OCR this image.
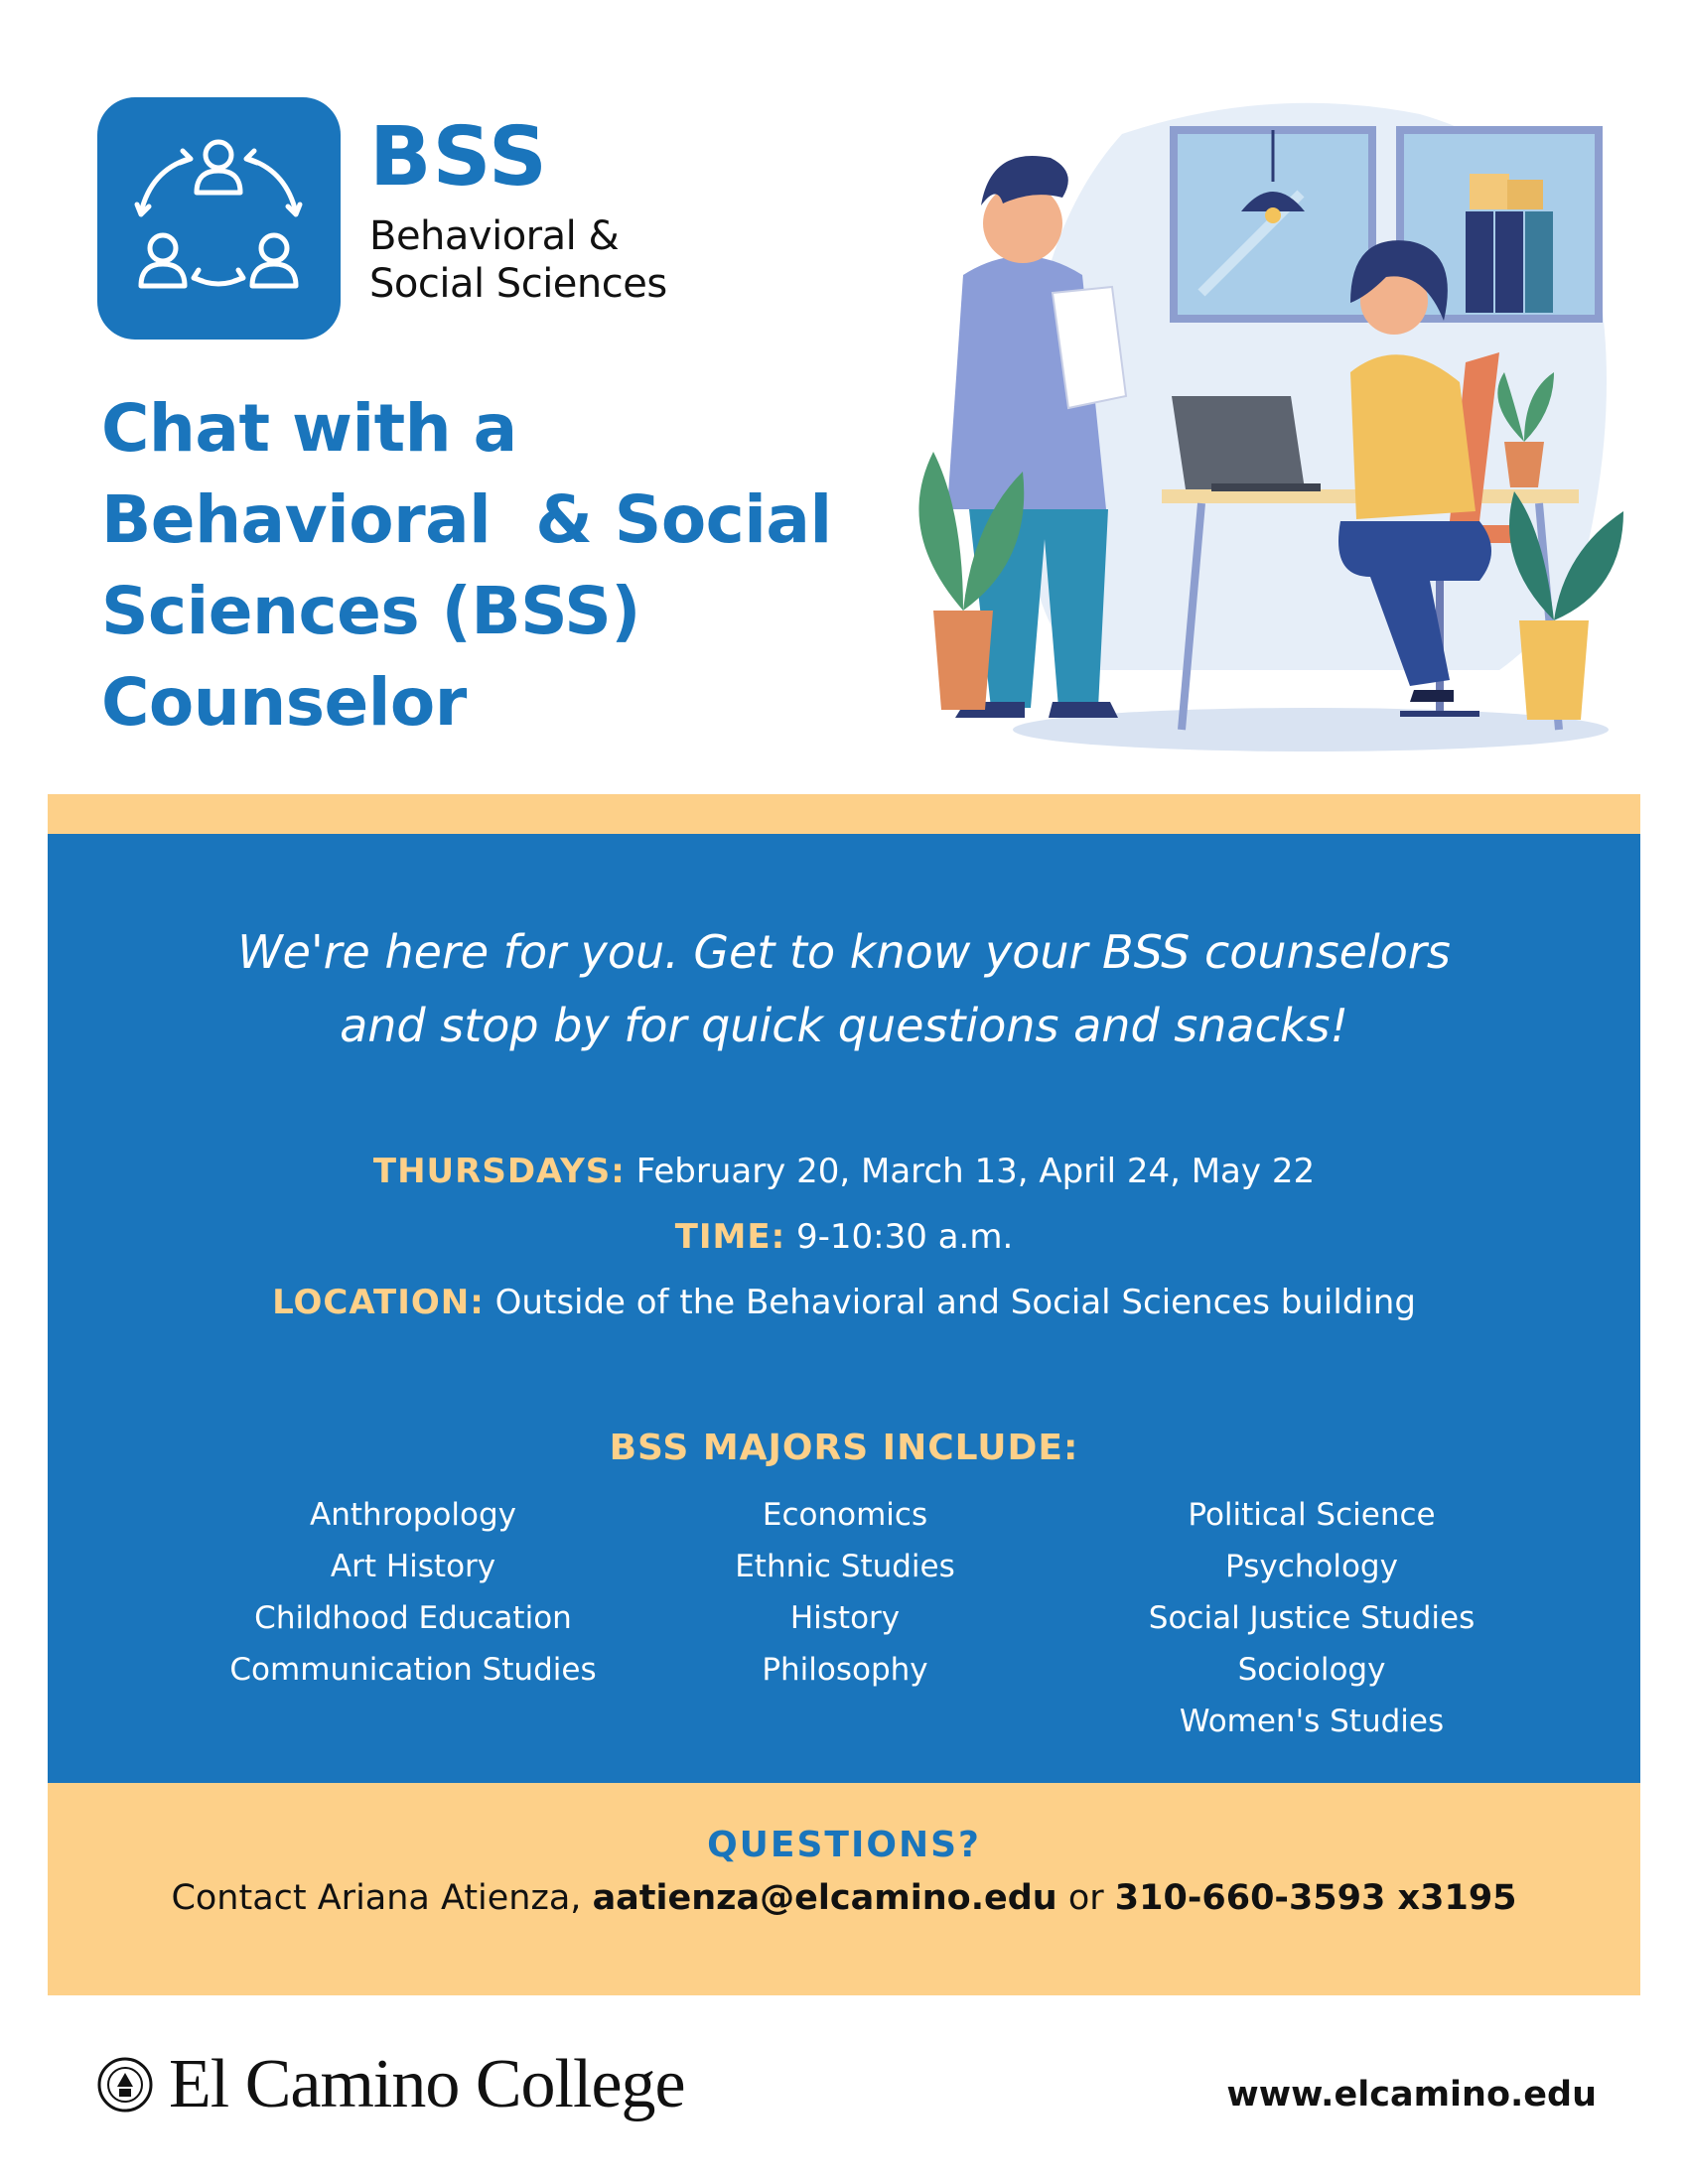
BSS
Behavioral &
Social Sciences
Chat with a
Behavioral  & Social
Sciences (BSS)
Counselor
We're here for you. Get to know your BSS counselors
and stop by for quick questions and snacks!
THURSDAYS: February 20, March 13, April 24, May 22
TIME: 9-10:30 a.m.
LOCATION: Outside of the Behavioral and Social Sciences building
BSS MAJORS INCLUDE:
Anthropology
Art History
Childhood Education
Communication Studies
Economics
Ethnic Studies
History
Philosophy
Political Science
Psychology
Social Justice Studies
Sociology
Women's Studies
QUESTIONS?
Contact Ariana Atienza, aatienza@elcamino.edu or 310-660-3593 x3195
El Camino College	www.elcamino.edu
